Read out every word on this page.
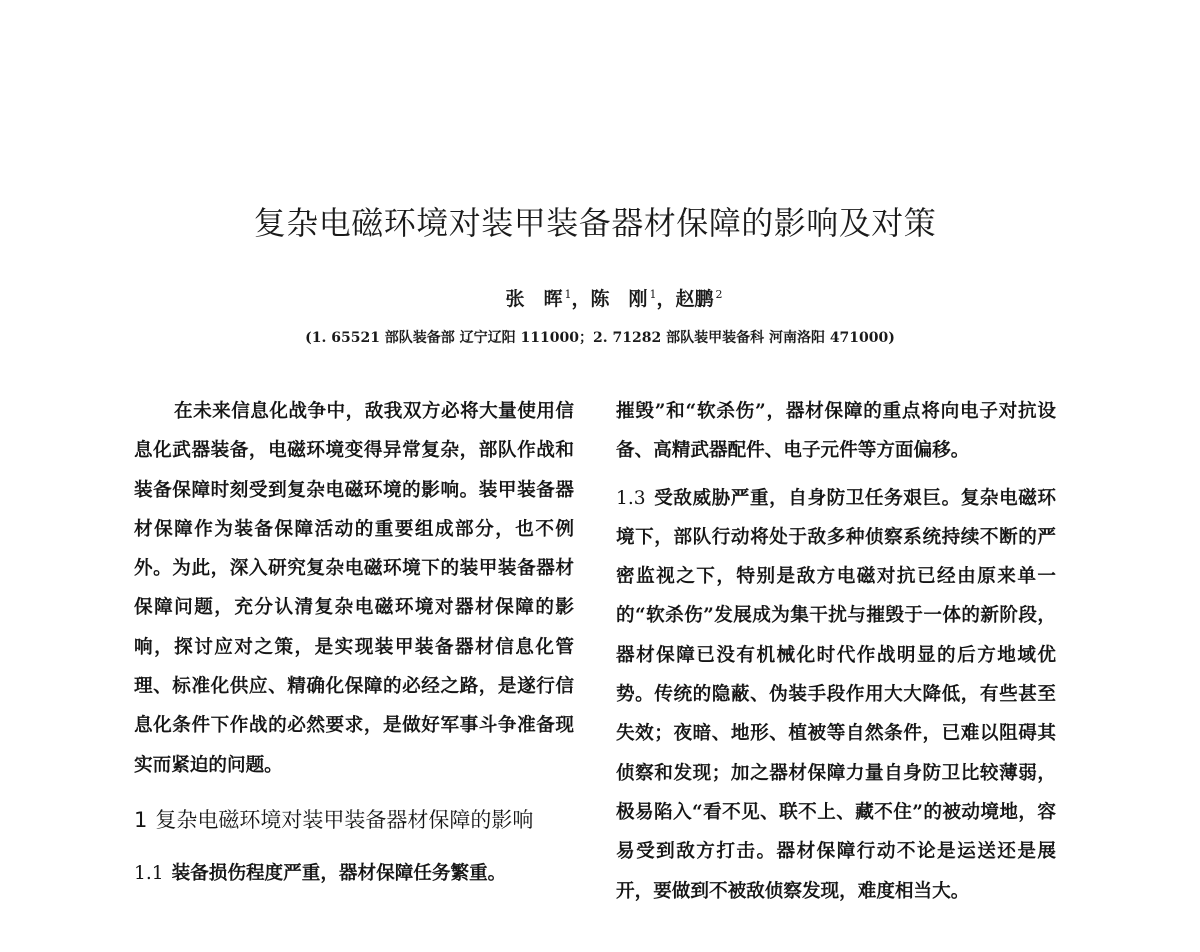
复杂电磁环境对装甲装备器材保障的影响及对策
张　晖 $^1$，陈　刚 $^1$，赵鹏 $^2$
(1. 65521 部队装备部 辽宁辽阳 111000；2. 71282 部队装甲装备科 河南洛阳 471000)

在未来信息化战争中，敌我双方必将大量使用信息化武器装备，电磁环境变得异常复杂，部队作战和装备保障时刻受到复杂电磁环境的影响。装甲装备器材保障作为装备保障活动的重要组成部分，也不例外。为此，深入研究复杂电磁环境下的装甲装备器材保障问题，充分认清复杂电磁环境对器材保障的影响，探讨应对之策，是实现装甲装备器材信息化管理、标准化供应、精确化保障的必经之路，是遂行信息化条件下作战的必然要求，是做好军事斗争准备现实而紧迫的问题。

1 复杂电磁环境对装甲装备器材保障的影响
1.1 装备损伤程度严重，器材保障任务繁重。

摧毁”和“软杀伤”，器材保障的重点将向电子对抗设备、高精武器配件、电子元件等方面偏移。

1.3 受敌威胁严重，自身防卫任务艰巨。复杂电磁环境下，部队行动将处于敌多种侦察系统持续不断的严密监视之下，特别是敌方电磁对抗已经由原来单一的“软杀伤”发展成为集干扰与摧毁于一体的新阶段，器材保障已没有机械化时代作战明显的后方地域优势。传统的隐蔽、伪装手段作用大大降低，有些甚至失效；夜暗、地形、植被等自然条件，已难以阻碍其侦察和发现；加之器材保障力量自身防卫比较薄弱，极易陷入“看不见、联不上、藏不住”的被动境地，容易受到敌方打击。器材保障行动不论是运送还是展开，要做到不被敌侦察发现，难度相当大。
